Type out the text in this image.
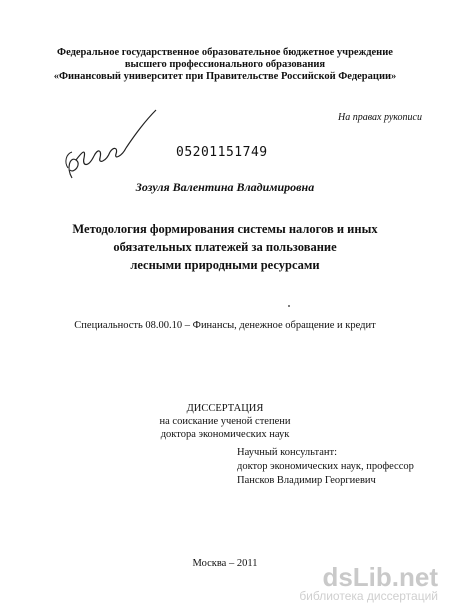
Федеральное государственное образовательное бюджетное учреждение
высшего профессионального образования
«Финансовый университет при Правительстве Российской Федерации»
На правах рукописи
05201151749
Зозуля Валентина Владимировна
Методология формирования системы налогов и иных
обязательных платежей за пользование
лесными природными ресурсами
Специальность 08.00.10 – Финансы, денежное обращение и кредит
ДИССЕРТАЦИЯ
на соискание ученой степени
доктора экономических наук
Научный консультант:
доктор экономических наук, профессор
Пансков Владимир Георгиевич
Москва – 2011	dsLib.net
библиотека диссертаций
